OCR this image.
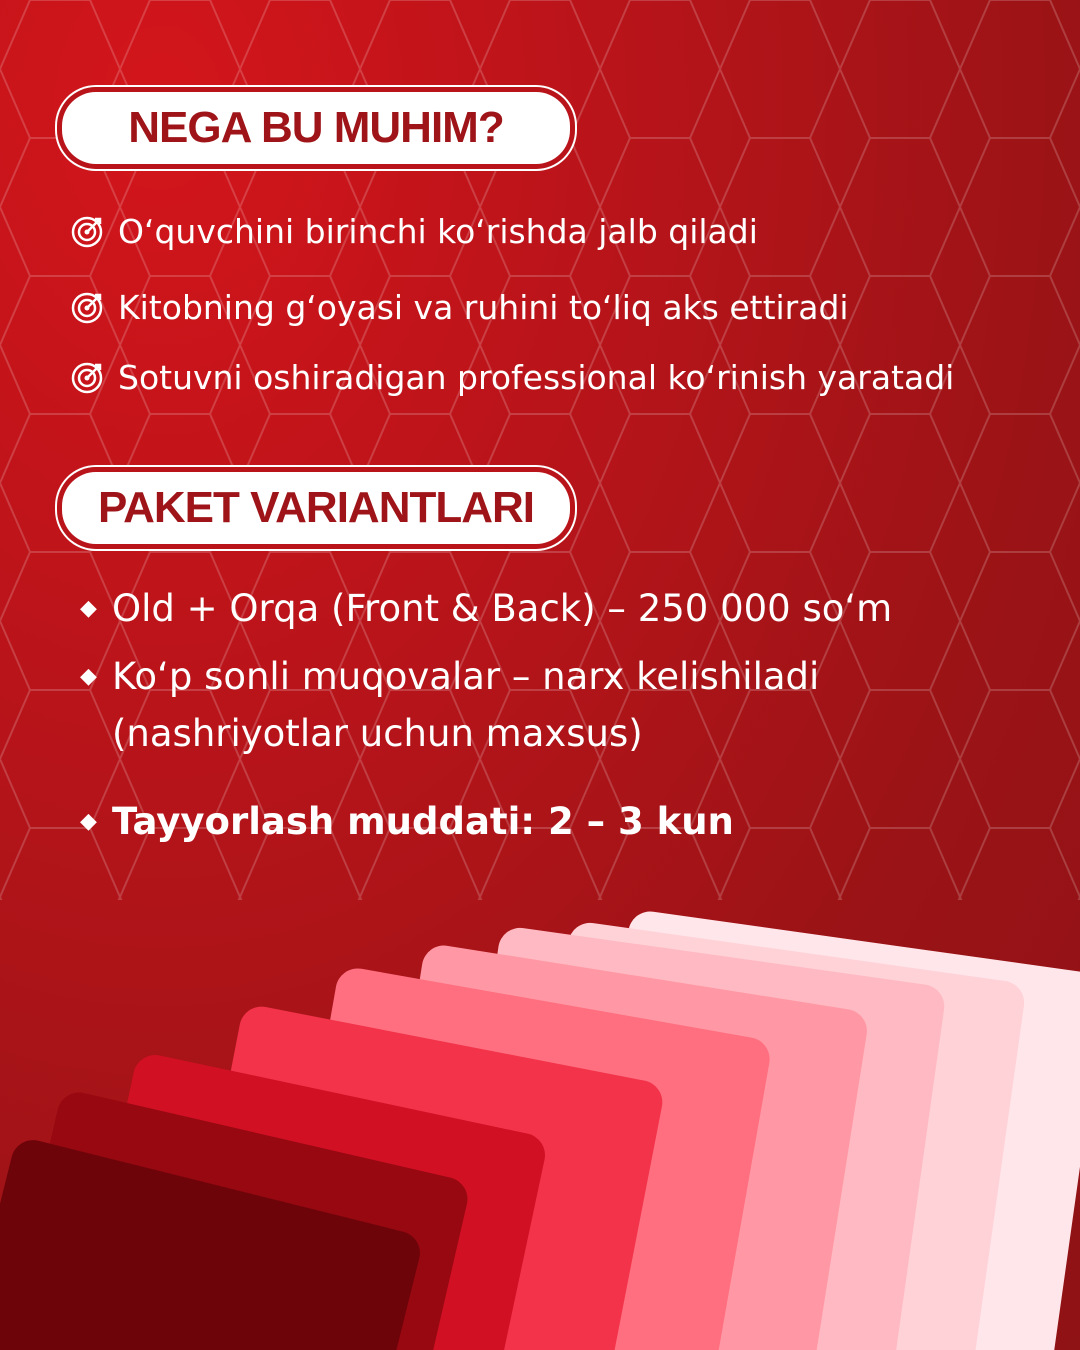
NEGA BU MUHIM?
O‘quvchini birinchi ko‘rishda jalb qiladi
Kitobning g‘oyasi va ruhini to‘liq aks ettiradi
Sotuvni oshiradigan professional ko‘rinish yaratadi
PAKET VARIANTLARI
◆ Old + Orqa (Front & Back) – 250 000 so‘m
◆ Ko‘p sonli muqovalar – narx kelishiladi
(nashriyotlar uchun maxsus)
◆ Tayyorlash muddati: 2 – 3 kun
